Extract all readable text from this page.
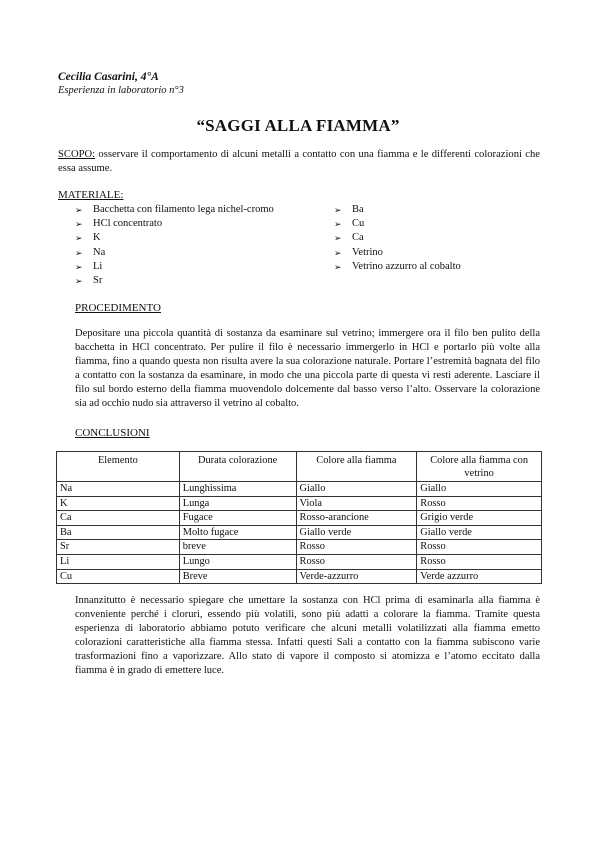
Cecilia Casarini, 4°A
Esperienza in laboratorio n°3
“SAGGI ALLA FIAMMA”
SCOPO: osservare il comportamento di alcuni metalli a contatto con una fiamma e le differenti colorazioni che essa assume.
MATERIALE:
➢ Bacchetta con filamento lega nichel-cromo
➢ HCl concentrato
➢ K
➢ Na
➢ Li
➢ Sr
➢ Ba
➢ Cu
➢ Ca
➢ Vetrino
➢ Vetrino azzurro al cobalto
PROCEDIMENTO
Depositare una piccola quantità di sostanza da esaminare sul vetrino; immergere ora il filo ben pulito della bacchetta in HCl concentrato. Per pulire il filo è necessario immergerlo in HCl e portarlo più volte alla fiamma, fino a quando questa non risulta avere la sua colorazione naturale. Portare l’estremità bagnata del filo a contatto con la sostanza da esaminare, in modo che una piccola parte di questa vi resti aderente. Lasciare il filo sul bordo esterno della fiamma muovendolo dolcemente dal basso verso l’alto. Osservare la colorazione sia ad occhio nudo sia attraverso il vetrino al cobalto.
CONCLUSIONI
Elemento	Durata colorazione	Colore alla fiamma	Colore alla fiamma con vetrino
Na	Lunghissima	Giallo	Giallo
K	Lunga	Viola	Rosso
Ca	Fugace	Rosso-arancione	Grigio verde
Ba	Molto fugace	Giallo verde	Giallo verde
Sr	breve	Rosso	Rosso
Li	Lungo	Rosso	Rosso
Cu	Breve	Verde-azzurro	Verde azzurro
Innanzitutto è necessario spiegare che umettare la sostanza con HCl prima di esaminarla alla fiamma è conveniente perché i cloruri, essendo più volatili, sono più adatti a colorare la fiamma. Tramite questa esperienza di laboratorio abbiamo potuto verificare che alcuni metalli volatilizzati alla fiamma emetto colorazioni caratteristiche alla fiamma stessa. Infatti questi Sali a contatto con la fiamma subiscono varie trasformazioni fino a vaporizzare. Allo stato di vapore il composto si atomizza e l’atomo eccitato dalla fiamma è in grado di emettere luce.
